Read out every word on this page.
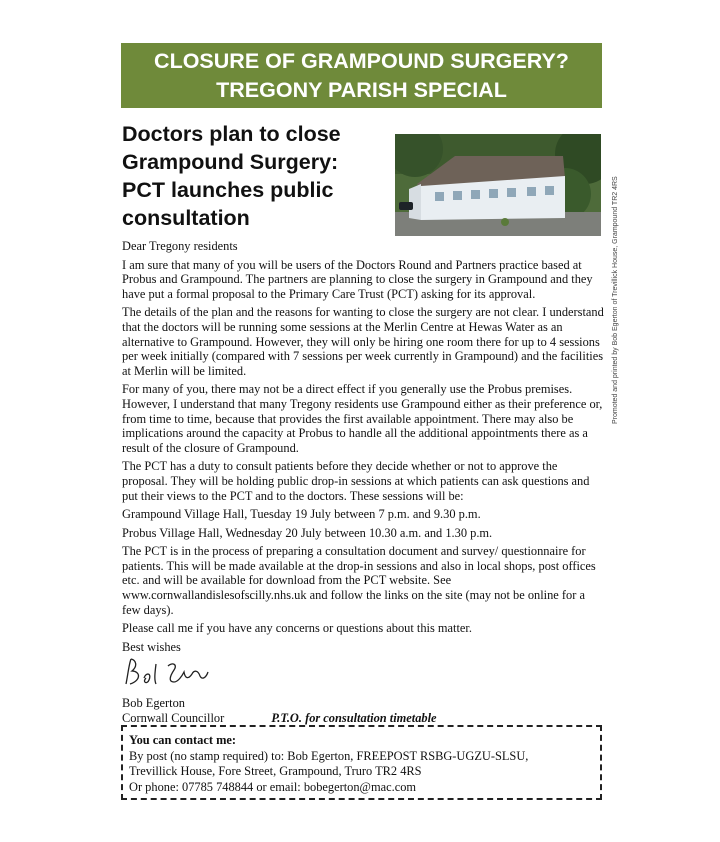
CLOSURE OF GRAMPOUND SURGERY?
TREGONY PARISH SPECIAL
Doctors plan to close
Grampound Surgery:
PCT launches public
consultation	Promoted and printed by Bob Egerton of Trevillick House, Grampound TR2 4RS

Dear Tregony residents

I am sure that many of you will be users of the Doctors Round and Partners practice based at Probus and Grampound. The partners are planning to close the surgery in Grampound and they have put a formal proposal to the Primary Care Trust (PCT) asking for its approval.

The details of the plan and the reasons for wanting to close the surgery are not clear. I understand that the doctors will be running some sessions at the Merlin Centre at Hewas Water as an alternative to Grampound. However, they will only be hiring one room there for up to 4 sessions per week initially (compared with 7 sessions per week currently in Grampound) and the facilities at Merlin will be limited.

For many of you, there may not be a direct effect if you generally use the Probus premises. However, I understand that many Tregony residents use Grampound either as their preference or, from time to time, because that provides the first available appointment. There may also be implications around the capacity at Probus to handle all the additional appointments there as a result of the closure of Grampound.

The PCT has a duty to consult patients before they decide whether or not to approve the proposal. They will be holding public drop-in sessions at which patients can ask questions and put their views to the PCT and to the doctors. These sessions will be:

Grampound Village Hall, Tuesday 19 July between 7 p.m. and 9.30 p.m.

Probus Village Hall, Wednesday 20 July between 10.30 a.m. and 1.30 p.m.

The PCT is in the process of preparing a consultation document and survey/ questionnaire for patients. This will be made available at the drop-in sessions and also in local shops, post offices etc. and will be available for download from the PCT website. See www.cornwallandislesofscilly.nhs.uk and follow the links on the site (may not be online for a few days).

Please call me if you have any concerns or questions about this matter.

Best wishes

Bob Egerton
Cornwall Councillor	P.T.O. for consultation timetable
You can contact me:
By post (no stamp required) to: Bob Egerton, FREEPOST RSBG-UGZU-SLSU,
Trevillick House, Fore Street, Grampound, Truro TR2 4RS
Or phone: 07785 748844 or email: bobegerton@mac.com
